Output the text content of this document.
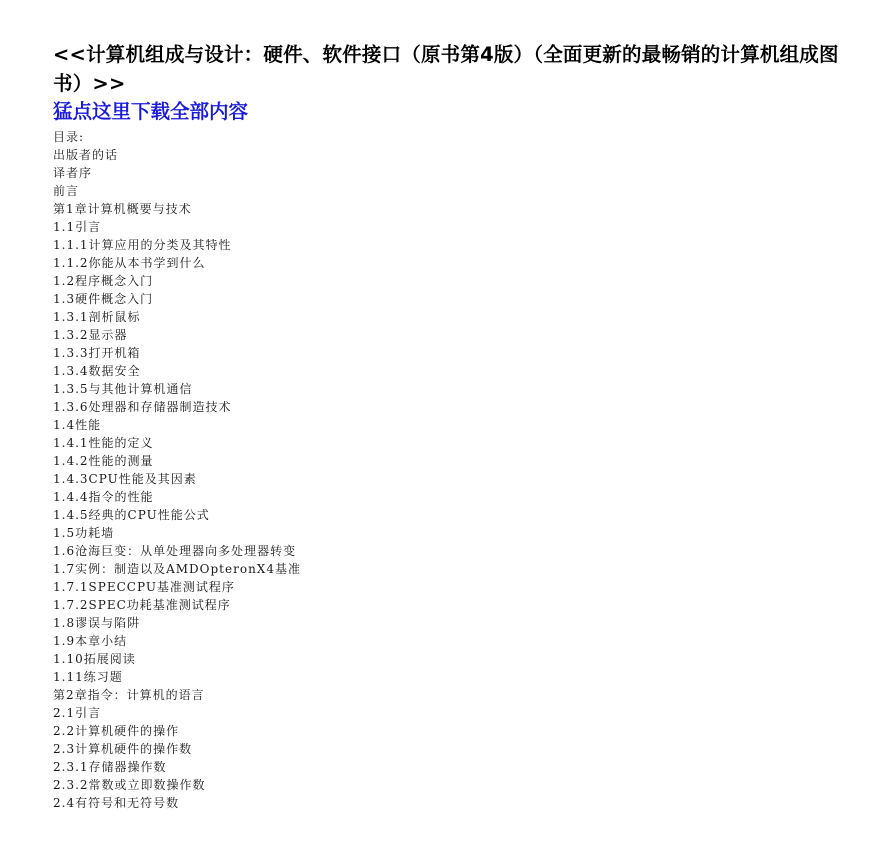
<<计算机组成与设计：硬件、软件接口（原书第4版）（全面更新的最畅销的计算机组成图书）>>
猛点这里下载全部内容
目录:
出版者的话
译者序
前言
第1章计算机概要与技术
1.1引言
1.1.1计算应用的分类及其特性
1.1.2你能从本书学到什么
1.2程序概念入门
1.3硬件概念入门
1.3.1剖析鼠标
1.3.2显示器
1.3.3打开机箱
1.3.4数据安全
1.3.5与其他计算机通信
1.3.6处理器和存储器制造技术
1.4性能
1.4.1性能的定义
1.4.2性能的测量
1.4.3CPU性能及其因素
1.4.4指令的性能
1.4.5经典的CPU性能公式
1.5功耗墙
1.6沧海巨变：从单处理器向多处理器转变
1.7实例：制造以及AMDOpteronX4基准
1.7.1SPECCPU基准测试程序
1.7.2SPEC功耗基准测试程序
1.8谬误与陷阱
1.9本章小结
1.10拓展阅读
1.11练习题
第2章指令：计算机的语言
2.1引言
2.2计算机硬件的操作
2.3计算机硬件的操作数
2.3.1存储器操作数
2.3.2常数或立即数操作数
2.4有符号和无符号数
